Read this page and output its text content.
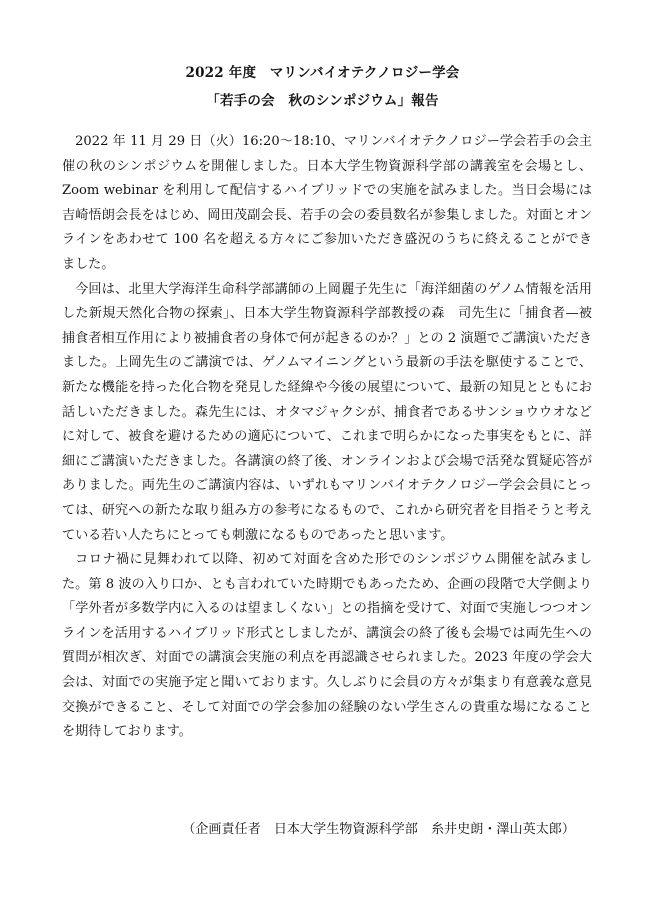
2022 年度　マリンバイオテクノロジー学会
「若手の会　秋のシンポジウム」報告

2022 年 11 月 29 日（火）16:20～18:10、マリンバイオテクノロジー学会若手の会主催の秋のシンポジウムを開催しました。日本大学生物資源科学部の講義室を会場とし、Zoom webinar を利用して配信するハイブリッドでの実施を試みました。当日会場には吉崎悟朗会長をはじめ、岡田茂副会長、若手の会の委員数名が参集しました。対面とオンラインをあわせて 100 名を超える方々にご参加いただき盛況のうちに終えることができました。

今回は、北里大学海洋生命科学部講師の上岡麗子先生に「海洋細菌のゲノム情報を活用した新規天然化合物の探索」、日本大学生物資源科学部教授の森　司先生に「捕食者—被捕食者相互作用により被捕食者の身体で何が起きるのか？」との 2 演題でご講演いただきました。上岡先生のご講演では、ゲノムマイニングという最新の手法を駆使することで、新たな機能を持った化合物を発見した経緯や今後の展望について、最新の知見とともにお話しいただきました。森先生には、オタマジャクシが、捕食者であるサンショウウオなどに対して、被食を避けるための適応について、これまで明らかになった事実をもとに、詳細にご講演いただきました。各講演の終了後、オンラインおよび会場で活発な質疑応答がありました。両先生のご講演内容は、いずれもマリンバイオテクノロジー学会会員にとっては、研究への新たな取り組み方の参考になるもので、これから研究者を目指そうと考えている若い人たちにとっても刺激になるものであったと思います。

コロナ禍に見舞われて以降、初めて対面を含めた形でのシンポジウム開催を試みました。第 8 波の入り口か、とも言われていた時期でもあったため、企画の段階で大学側より「学外者が多数学内に入るのは望ましくない」との指摘を受けて、対面で実施しつつオンラインを活用するハイブリッド形式としましたが、講演会の終了後も会場では両先生への質問が相次ぎ、対面での講演会実施の利点を再認識させられました。2023 年度の学会大会は、対面での実施予定と聞いております。久しぶりに会員の方々が集まり有意義な意見交換ができること、そして対面での学会参加の経験のない学生さんの貴重な場になることを期待しております。

（企画責任者　日本大学生物資源科学部　糸井史朗・澤山英太郎）
